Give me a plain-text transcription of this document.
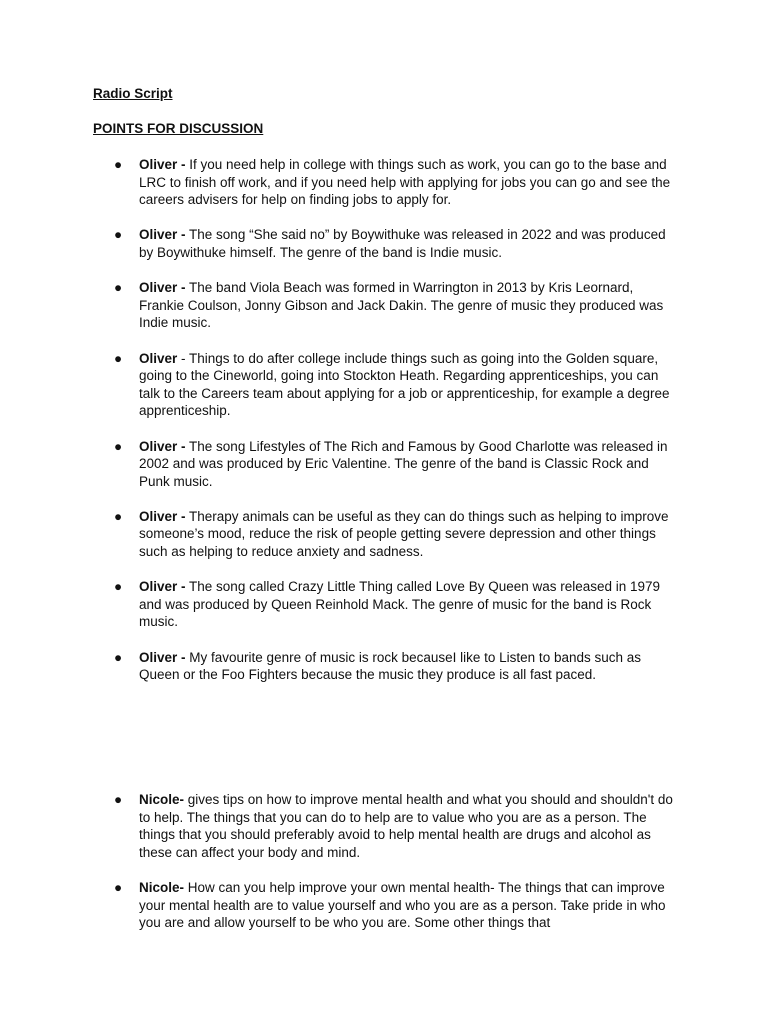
Radio Script
POINTS FOR DISCUSSION
● Oliver - If you need help in college with things such as work, you can go to the base and LRC to finish off work, and if you need help with applying for jobs you can go and see the careers advisers for help on finding jobs to apply for.
● Oliver - The song “She said no” by Boywithuke was released in 2022 and was produced by Boywithuke himself. The genre of the band is Indie music.
● Oliver - The band Viola Beach was formed in Warrington in 2013 by Kris Leornard, Frankie Coulson, Jonny Gibson and Jack Dakin. The genre of music they produced was Indie music.
● Oliver - Things to do after college include things such as going into the Golden square, going to the Cineworld, going into Stockton Heath. Regarding apprenticeships, you can talk to the Careers team about applying for a job or apprenticeship, for example a degree apprenticeship.
● Oliver - The song Lifestyles of The Rich and Famous by Good Charlotte was released in 2002 and was produced by Eric Valentine. The genre of the band is Classic Rock and Punk music.
● Oliver - Therapy animals can be useful as they can do things such as helping to improve someone’s mood, reduce the risk of people getting severe depression and other things such as helping to reduce anxiety and sadness.
● Oliver - The song called Crazy Little Thing called Love By Queen was released in 1979 and was produced by Queen Reinhold Mack. The genre of music for the band is Rock music.
● Oliver - My favourite genre of music is rock becauseI like to Listen to bands such as Queen or the Foo Fighters because the music they produce is all fast paced.
● Nicole- gives tips on how to improve mental health and what you should and shouldn't do to help. The things that you can do to help are to value who you are as a person. The things that you should preferably avoid to help mental health are drugs and alcohol as these can affect your body and mind.
● Nicole- How can you help improve your own mental health- The things that can improve your mental health are to value yourself and who you are as a person. Take pride in who you are and allow yourself to be who you are. Some other things that
